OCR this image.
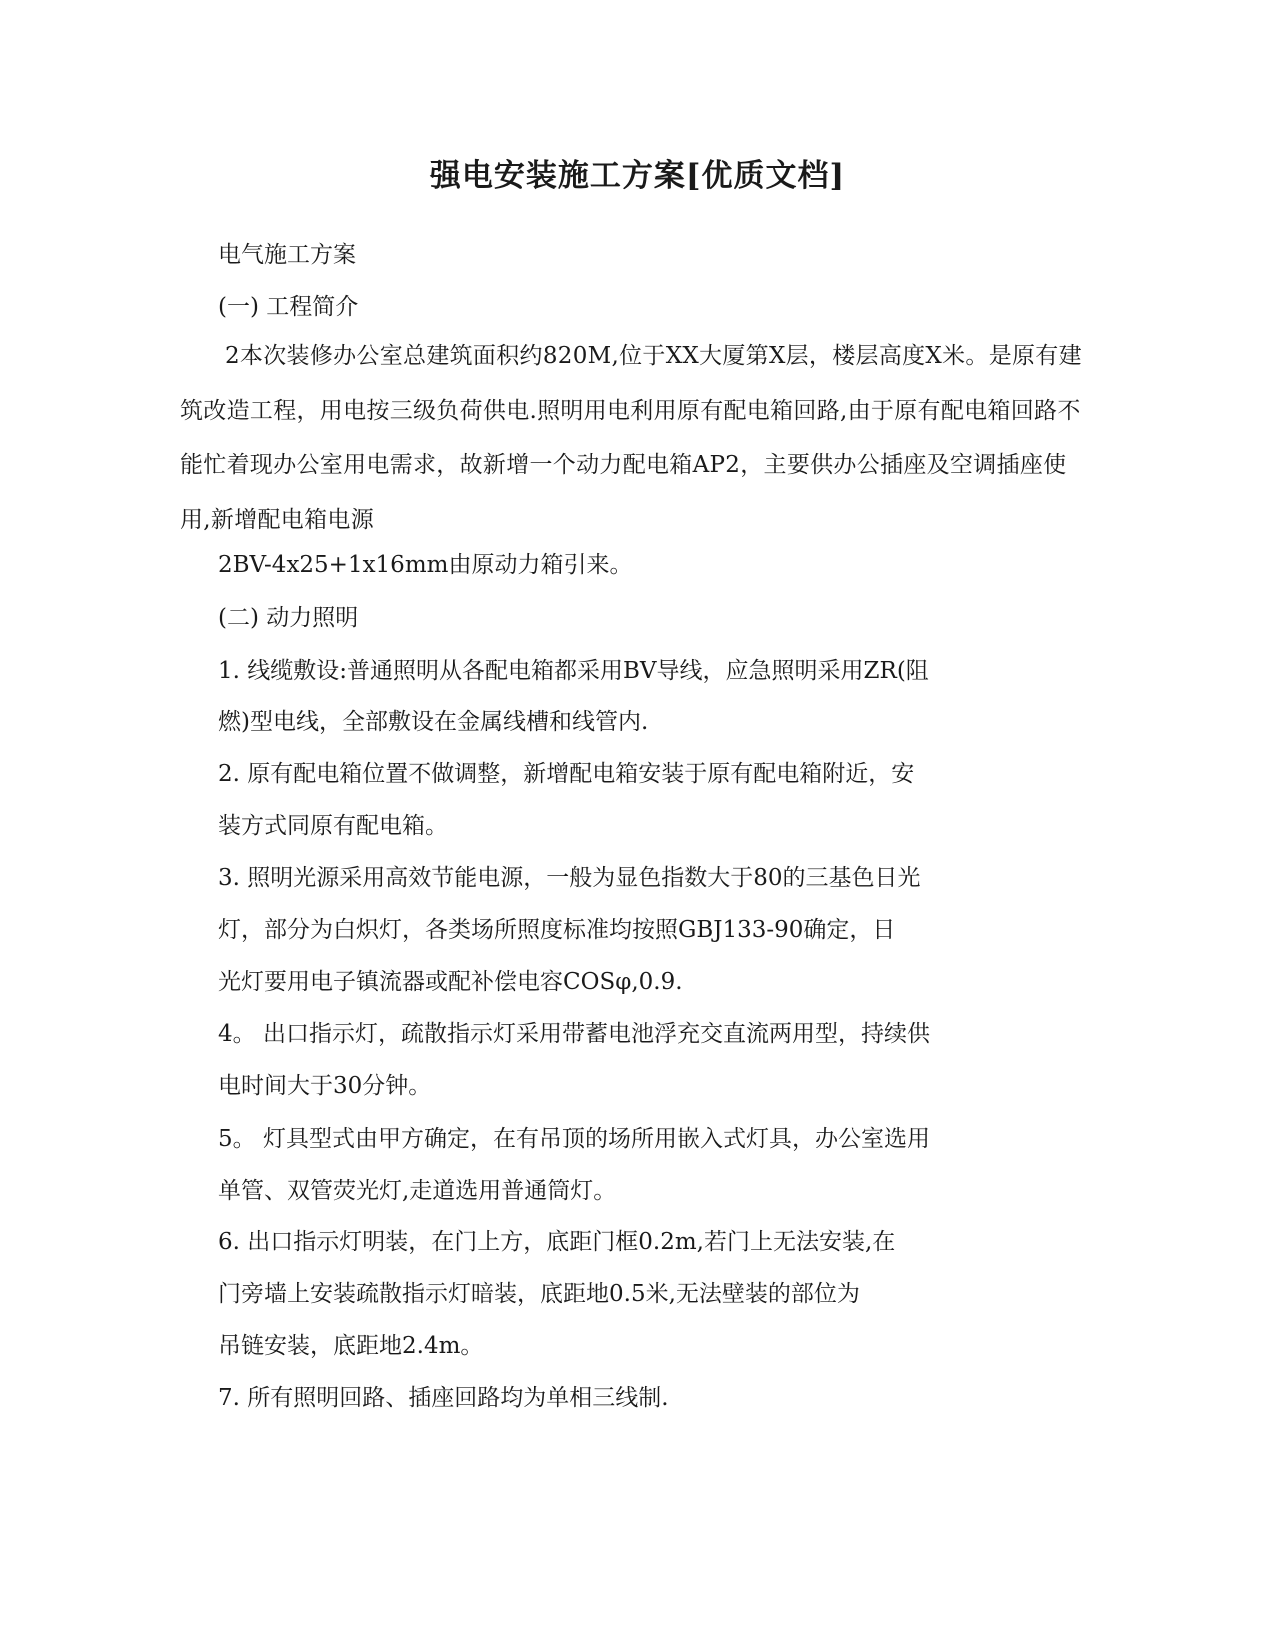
强电安装施工方案[优质文档]
电气施工方案
(一) 工程简介
2本次装修办公室总建筑面积约820M,位于XX大厦第X层，楼层高度X米。是原有建筑改造工程，用电按三级负荷供电.照明用电利用原有配电箱回路,由于原有配电箱回路不能忙着现办公室用电需求，故新增一个动力配电箱AP2，主要供办公插座及空调插座使用,新增配电箱电源
2BV-4x25+1x16mm由原动力箱引来。
(二) 动力照明
1. 线缆敷设:普通照明从各配电箱都采用BV导线，应急照明采用ZR(阻
燃)型电线，全部敷设在金属线槽和线管内.
2. 原有配电箱位置不做调整，新增配电箱安装于原有配电箱附近，安
装方式同原有配电箱。
3. 照明光源采用高效节能电源，一般为显色指数大于80的三基色日光
灯，部分为白炽灯，各类场所照度标准均按照GBJ133-90确定，日
光灯要用电子镇流器或配补偿电容COSφ,0.9.
4。 出口指示灯，疏散指示灯采用带蓄电池浮充交直流两用型，持续供
电时间大于30分钟。
5。 灯具型式由甲方确定，在有吊顶的场所用嵌入式灯具，办公室选用
单管、双管荧光灯,走道选用普通筒灯。
6. 出口指示灯明装，在门上方，底距门框0.2m,若门上无法安装,在
门旁墙上安装疏散指示灯暗装，底距地0.5米,无法壁装的部位为
吊链安装，底距地2.4m。
7. 所有照明回路、插座回路均为单相三线制.
